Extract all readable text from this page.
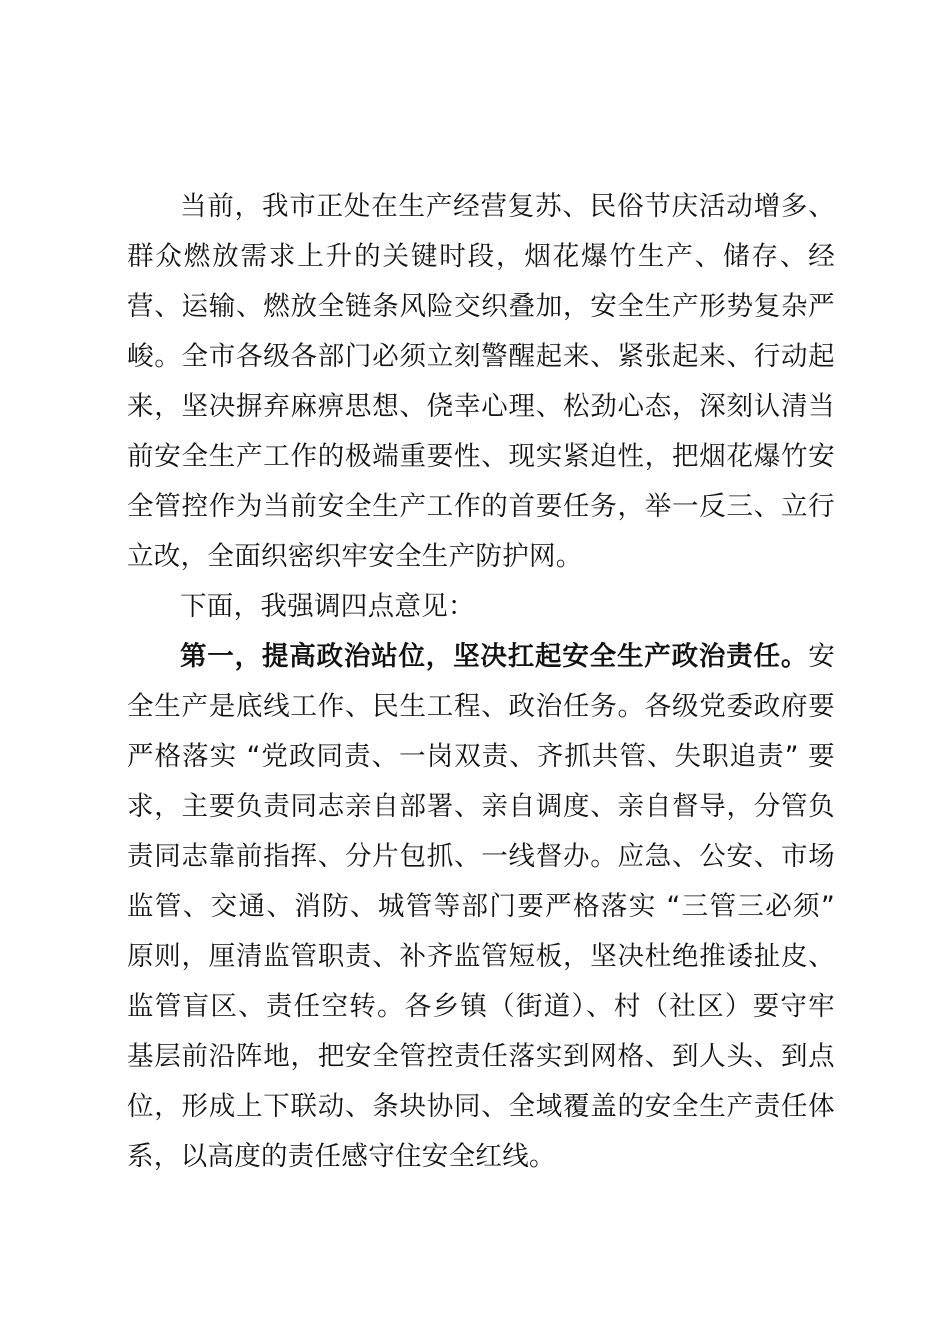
当前，我市正处在生产经营复苏、民俗节庆活动增多、群众燃放需求上升的关键时段，烟花爆竹生产、储存、经营、运输、燃放全链条风险交织叠加，安全生产形势复杂严峻。全市各级各部门必须立刻警醒起来、紧张起来、行动起来，坚决摒弃麻痹思想、侥幸心理、松劲心态，深刻认清当前安全生产工作的极端重要性、现实紧迫性，把烟花爆竹安全管控作为当前安全生产工作的首要任务，举一反三、立行立改，全面织密织牢安全生产防护网。

下面，我强调四点意见：

第一，提高政治站位，坚决扛起安全生产政治责任。安全生产是底线工作、民生工程、政治任务。各级党委政府要严格落实 “党政同责、一岗双责、齐抓共管、失职追责” 要求，主要负责同志亲自部署、亲自调度、亲自督导，分管负责同志靠前指挥、分片包抓、一线督办。应急、公安、市场监管、交通、消防、城管等部门要严格落实 “三管三必须” 原则，厘清监管职责、补齐监管短板，坚决杜绝推诿扯皮、监管盲区、责任空转。各乡镇（街道）、村（社区）要守牢基层前沿阵地，把安全管控责任落实到网格、到人头、到点位，形成上下联动、条块协同、全域覆盖的安全生产责任体系，以高度的责任感守住安全红线。
